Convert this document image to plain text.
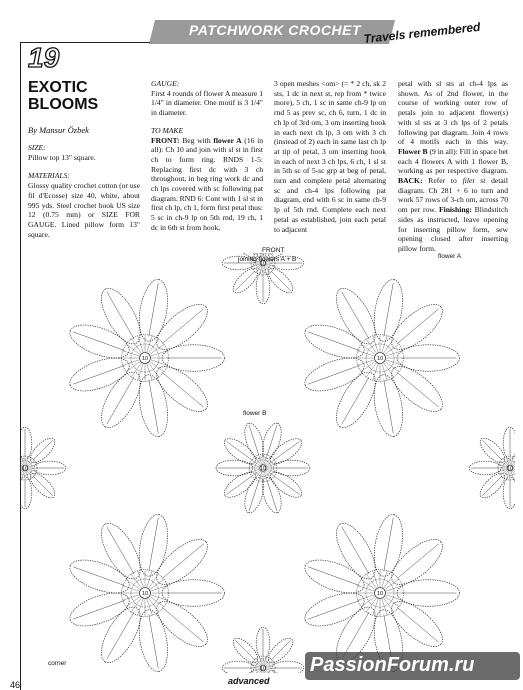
PATCHWORK CROCHET Travels remembered
19
EXOTIC
BLOOMS
By Mansur Özbek
SIZE:
Pillow top 13" square.
MATERIALS:
Glossy quality crochet cotton (or use fil d'Ecosse) size 40, white, about 995 yds. Steel crochet hook US size 12 (0.75 mm) or SIZE FOR GAUGE. Lined pillow form 13" square.
GAUGE:
First 4 rounds of flower A measure 1 1/4" in diameter. One motif is 3 1/4" in diameter.
TO MAKE
FRONT: Beg with flower A (16 in all): Ch 10 and join with sl st in first ch to form ring. RNDS 1-5: Replacing first dc with 3 ch throughout, in beg ring work dc and ch lps covered with sc following pat diagram. RND 6: Cont with 1 sl st in first ch lp, ch 1, form first petal thus: 5 sc in ch-9 lp on 5th rnd, 19 ch, 1 dc in 6th st from hook,
3 open meshes <om> (= * 2 ch, sk 2 sts, 1 dc in next st, rep from * twice more), 5 ch, 1 sc in same ch-9 lp on rnd 5 as prev sc, ch 6, turn, 1 dc in ch lp of 3rd om, 3 om inserting hook in each next ch lp, 3 om with 3 ch (instead of 2) each in same last ch lp at tip of petal, 3 om inserting hook in each of next 3 ch lps, 6 ch, 1 sl st in 5th sc of 5-sc grp at beg of petal, turn and complete petal alternating sc and ch-4 lps following pat diagram, end with 6 sc in same ch-9 lp of 5th rnd. Complete each next petal as established, join each petal to adjacent
petal with sl sts at ch-4 lps as shown. As of 2nd flower, in the course of working outer row of petals join to adjacent flower(s) with sl sts at 3 ch lps of 2 petals following pat diagram. Join 4 rows of 4 motifs each in this way. Flower B (9 in all): Fill in space bet each 4 flowers A with 1 flower B, working as per respective diagram. BACK: Refer to filet st detail diagram. Ch 281 + 6 to turn and work 57 rows of 3-ch om, across 70 om per row. Finishing: Blindstitch sides as instructed, leave opening for inserting pillow form, sew opening closed after inserting pillow form.
10	10
10	10
10
10
10
10	10
FRONT
joining flowers A + B	flower A
flower B
corner
46	advanced
PassionForum.ru
